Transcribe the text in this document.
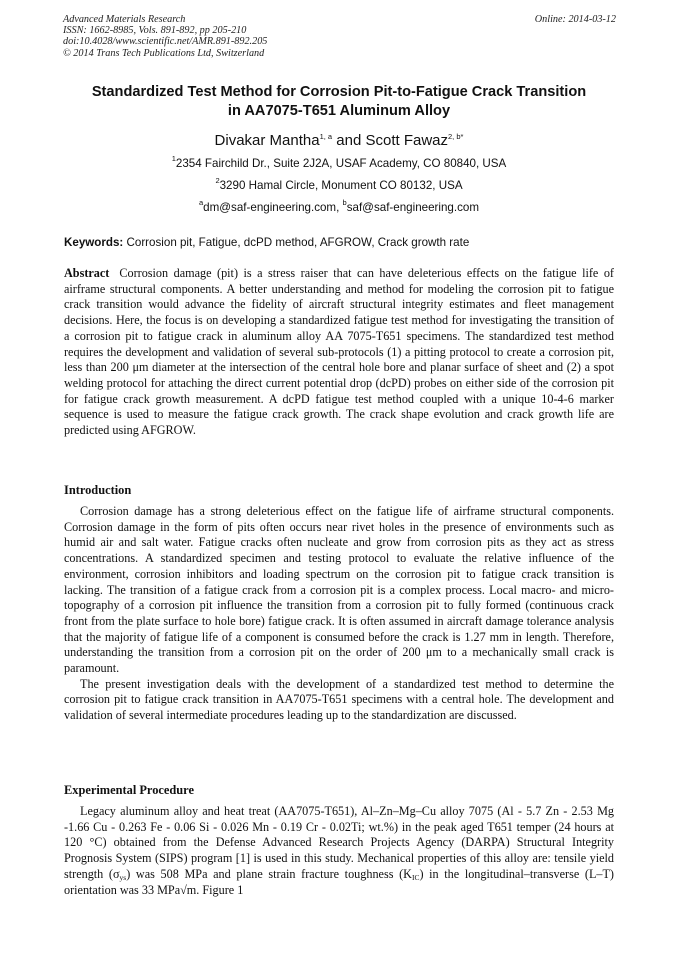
Advanced Materials Research
ISSN: 1662-8985, Vols. 891-892, pp 205-210
doi:10.4028/www.scientific.net/AMR.891-892.205
© 2014 Trans Tech Publications Ltd, Switzerland
Online: 2014-03-12
Standardized Test Method for Corrosion Pit-to-Fatigue Crack Transition
in AA7075-T651 Aluminum Alloy
Divakar Mantha$^{1, a}$ and Scott Fawaz$^{2, b*}$
$^1$2354 Fairchild Dr., Suite 2J2A, USAF Academy, CO 80840, USA
$^2$3290 Hamal Circle, Monument CO 80132, USA
$^a$dm@saf-engineering.com, $^b$saf@saf-engineering.com
Keywords: Corrosion pit, Fatigue, dcPD method, AFGROW, Crack growth rate
Abstract Corrosion damage (pit) is a stress raiser that can have deleterious effects on the fatigue life of airframe structural components. A better understanding and method for modeling the corrosion pit to fatigue crack transition would advance the fidelity of aircraft structural integrity estimates and fleet management decisions. Here, the focus is on developing a standardized fatigue test method for investigating the transition of a corrosion pit to fatigue crack in aluminum alloy AA 7075-T651 specimens. The standardized test method requires the development and validation of several sub-protocols (1) a pitting protocol to create a corrosion pit, less than 200 μm diameter at the intersection of the central hole bore and planar surface of sheet and (2) a spot welding protocol for attaching the direct current potential drop (dcPD) probes on either side of the corrosion pit for fatigue crack growth measurement. A dcPD fatigue test method coupled with a unique 10-4-6 marker sequence is used to measure the fatigue crack growth. The crack shape evolution and crack growth life are predicted using AFGROW.
Introduction

Corrosion damage has a strong deleterious effect on the fatigue life of airframe structural components. Corrosion damage in the form of pits often occurs near rivet holes in the presence of environments such as humid air and salt water. Fatigue cracks often nucleate and grow from corrosion pits as they act as stress concentrations. A standardized specimen and testing protocol to evaluate the relative influence of the environment, corrosion inhibitors and loading spectrum on the corrosion pit to fatigue crack transition is lacking. The transition of a fatigue crack from a corrosion pit is a complex process. Local macro- and micro-topography of a corrosion pit influence the transition from a corrosion pit to fully formed (continuous crack front from the plate surface to hole bore) fatigue crack. It is often assumed in aircraft damage tolerance analysis that the majority of fatigue life of a component is consumed before the crack is 1.27 mm in length. Therefore, understanding the transition from a corrosion pit on the order of 200 μm to a mechanically small crack is paramount.

The present investigation deals with the development of a standardized test method to determine the corrosion pit to fatigue crack transition in AA7075-T651 specimens with a central hole. The development and validation of several intermediate procedures leading up to the standardization are discussed.

Experimental Procedure

Legacy aluminum alloy and heat treat (AA7075-T651), Al–Zn–Mg–Cu alloy 7075 (Al - 5.7 Zn - 2.53 Mg -1.66 Cu - 0.263 Fe - 0.06 Si - 0.026 Mn - 0.19 Cr - 0.02Ti; wt.%) in the peak aged T651 temper (24 hours at 120 °C) obtained from the Defense Advanced Research Projects Agency (DARPA) Structural Integrity Prognosis System (SIPS) program [1] is used in this study. Mechanical properties of this alloy are: tensile yield strength $(\sigma_{ys})$ was 508 MPa and plane strain fracture toughness $(K_{IC})$ in the longitudinal–transverse (L–T) orientation was 33 MPa√m. Figure 1
